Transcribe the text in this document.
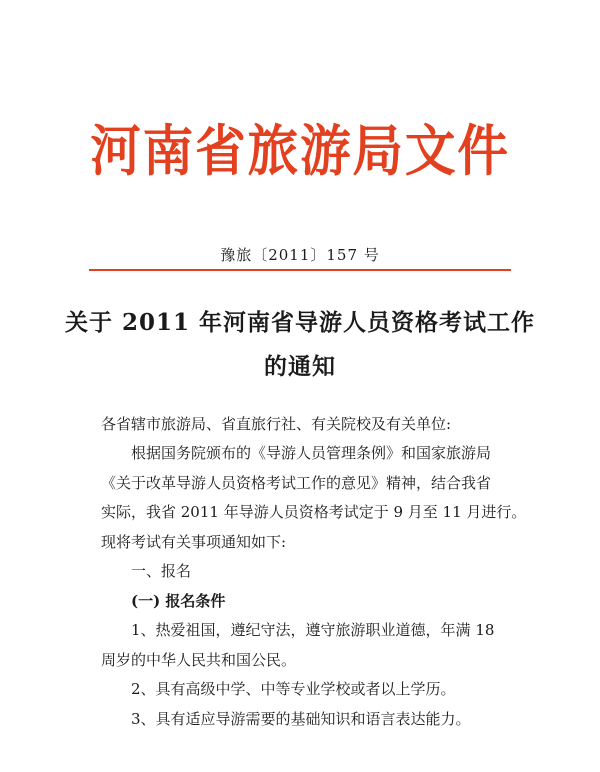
河南省旅游局文件
豫旅〔2011〕157 号
关于 2011 年河南省导游人员资格考试工作
的通知
各省辖市旅游局、省直旅行社、有关院校及有关单位:
根据国务院颁布的《导游人员管理条例》和国家旅游局
《关于改革导游人员资格考试工作的意见》精神，结合我省
实际，我省 2011 年导游人员资格考试定于 9 月至 11 月进行。
现将考试有关事项通知如下:
一、报名
(一) 报名条件
1、热爱祖国，遵纪守法，遵守旅游职业道德，年满 18
周岁的中华人民共和国公民。
2、具有高级中学、中等专业学校或者以上学历。
3、具有适应导游需要的基础知识和语言表达能力。
